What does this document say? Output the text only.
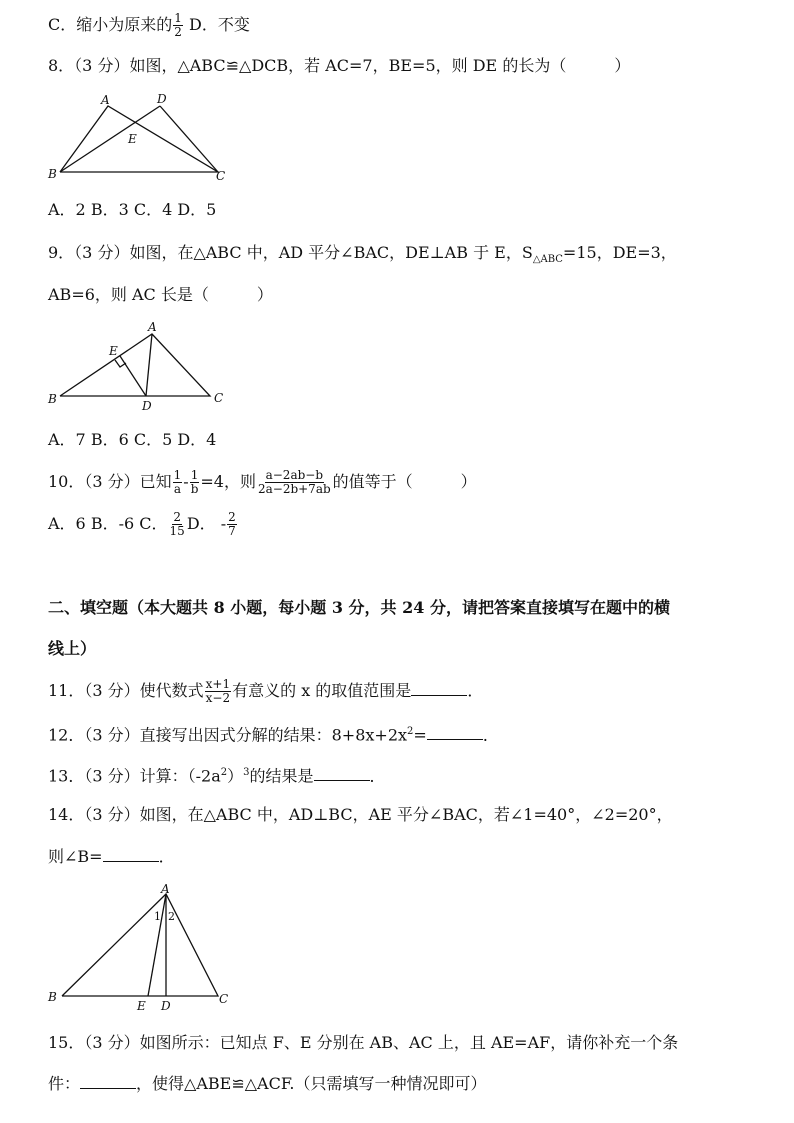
C．缩小为原来的 $\frac{1}{2}$ D．不变
8．（3 分）如图，△ABC≌△DCB，若 AC=7，BE=5，则 DE 的长为（	）
A	D
E
B	C
A．2 B．3 C．4 D．5
9．（3 分）如图，在△ABC 中，AD 平分∠BAC，DE⊥AB 于 E，$S_{\triangle ABC}=15$，DE=3，
AB=6，则 AC 长是（	）
A
E
B	D
C
A．7 B．6 C．5 D．4
10．（3 分）已知 $\frac{1}{a} - \frac{1}{b} =4$，则 $\frac{a-2ab-b}{2a-2b+7ab}$ 的值等于（	）
A．6 B．-6 C． $\frac{2}{15}$ D． - $\frac{2}{7}$
二、填空题（本大题共 8 小题，每小题 3 分，共 24 分，请把答案直接填写在题中的横
线上）
11．（3 分）使代数式 $\frac{x+1}{x-2}$ 有意义的 x 的取值范围是	．
12．（3 分）直接写出因式分解的结果：$8+8x+2x^2=$	．
13．（3 分）计算：$(-2a^2)^3$的结果是	．
14．（3 分）如图，在△ABC 中，AD⊥BC，AE 平分∠BAC，若∠1=40°，∠2=20°，
则∠B=	．
A
1 2
B
E D	C
15．（3 分）如图所示：已知点 F、E 分别在 AB、AC 上，且 AE=AF，请你补充一个条
件：	，使得△ABE≌△ACF.（只需填写一种情况即可）
